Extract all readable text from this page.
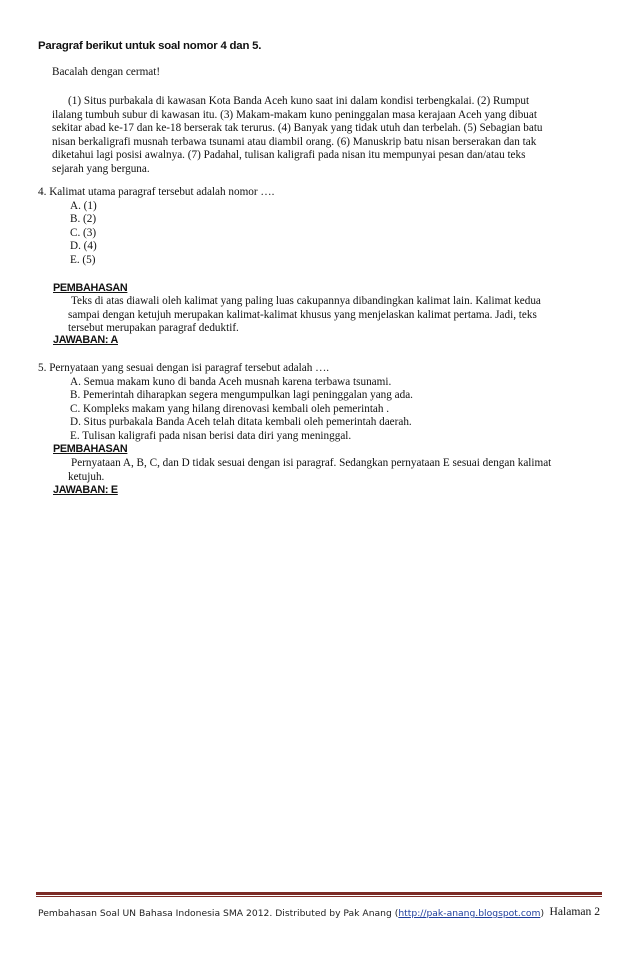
Paragraf berikut untuk soal nomor 4 dan 5.
Bacalah dengan cermat!

(1) Situs purbakala di kawasan Kota Banda Aceh kuno saat ini dalam kondisi terbengkalai. (2) Rumput

ilalang tumbuh subur di kawasan itu. (3) Makam-makam kuno peninggalan masa kerajaan Aceh yang dibuat

sekitar abad ke-17 dan ke-18 berserak tak terurus. (4) Banyak yang tidak utuh dan terbelah. (5) Sebagian batu

nisan berkaligrafi musnah terbawa tsunami atau diambil orang. (6) Manuskrip batu nisan berserakan dan tak

diketahui lagi posisi awalnya. (7) Padahal, tulisan kaligrafi pada nisan itu mempunyai pesan dan/atau teks

sejarah yang berguna.

4. Kalimat utama paragraf tersebut adalah nomor ….
A. (1)
B. (2)
C. (3)
D. (4)
E. (5)
PEMBAHASAN

Teks di atas diawali oleh kalimat yang paling luas cakupannya dibandingkan kalimat lain. Kalimat kedua

sampai dengan ketujuh merupakan kalimat-kalimat khusus yang menjelaskan kalimat pertama. Jadi, teks

tersebut merupakan paragraf deduktif.

JAWABAN: A
5. Pernyataan yang sesuai dengan isi paragraf tersebut adalah ….
A. Semua makam kuno di banda Aceh musnah karena terbawa tsunami.
B. Pemerintah diharapkan segera mengumpulkan lagi peninggalan yang ada.
C. Kompleks makam yang hilang direnovasi kembali oleh pemerintah .
D. Situs purbakala Banda Aceh telah ditata kembali oleh pemerintah daerah.
E. Tulisan kaligrafi pada nisan berisi data diri yang meninggal.
PEMBAHASAN

Pernyataan A, B, C, dan D tidak sesuai dengan isi paragraf. Sedangkan pernyataan E sesuai dengan kalimat

ketujuh.

JAWABAN: E
Pembahasan Soal UN Bahasa Indonesia SMA 2012. Distributed by Pak Anang (http://pak-anang.blogspot.com) Halaman 2
